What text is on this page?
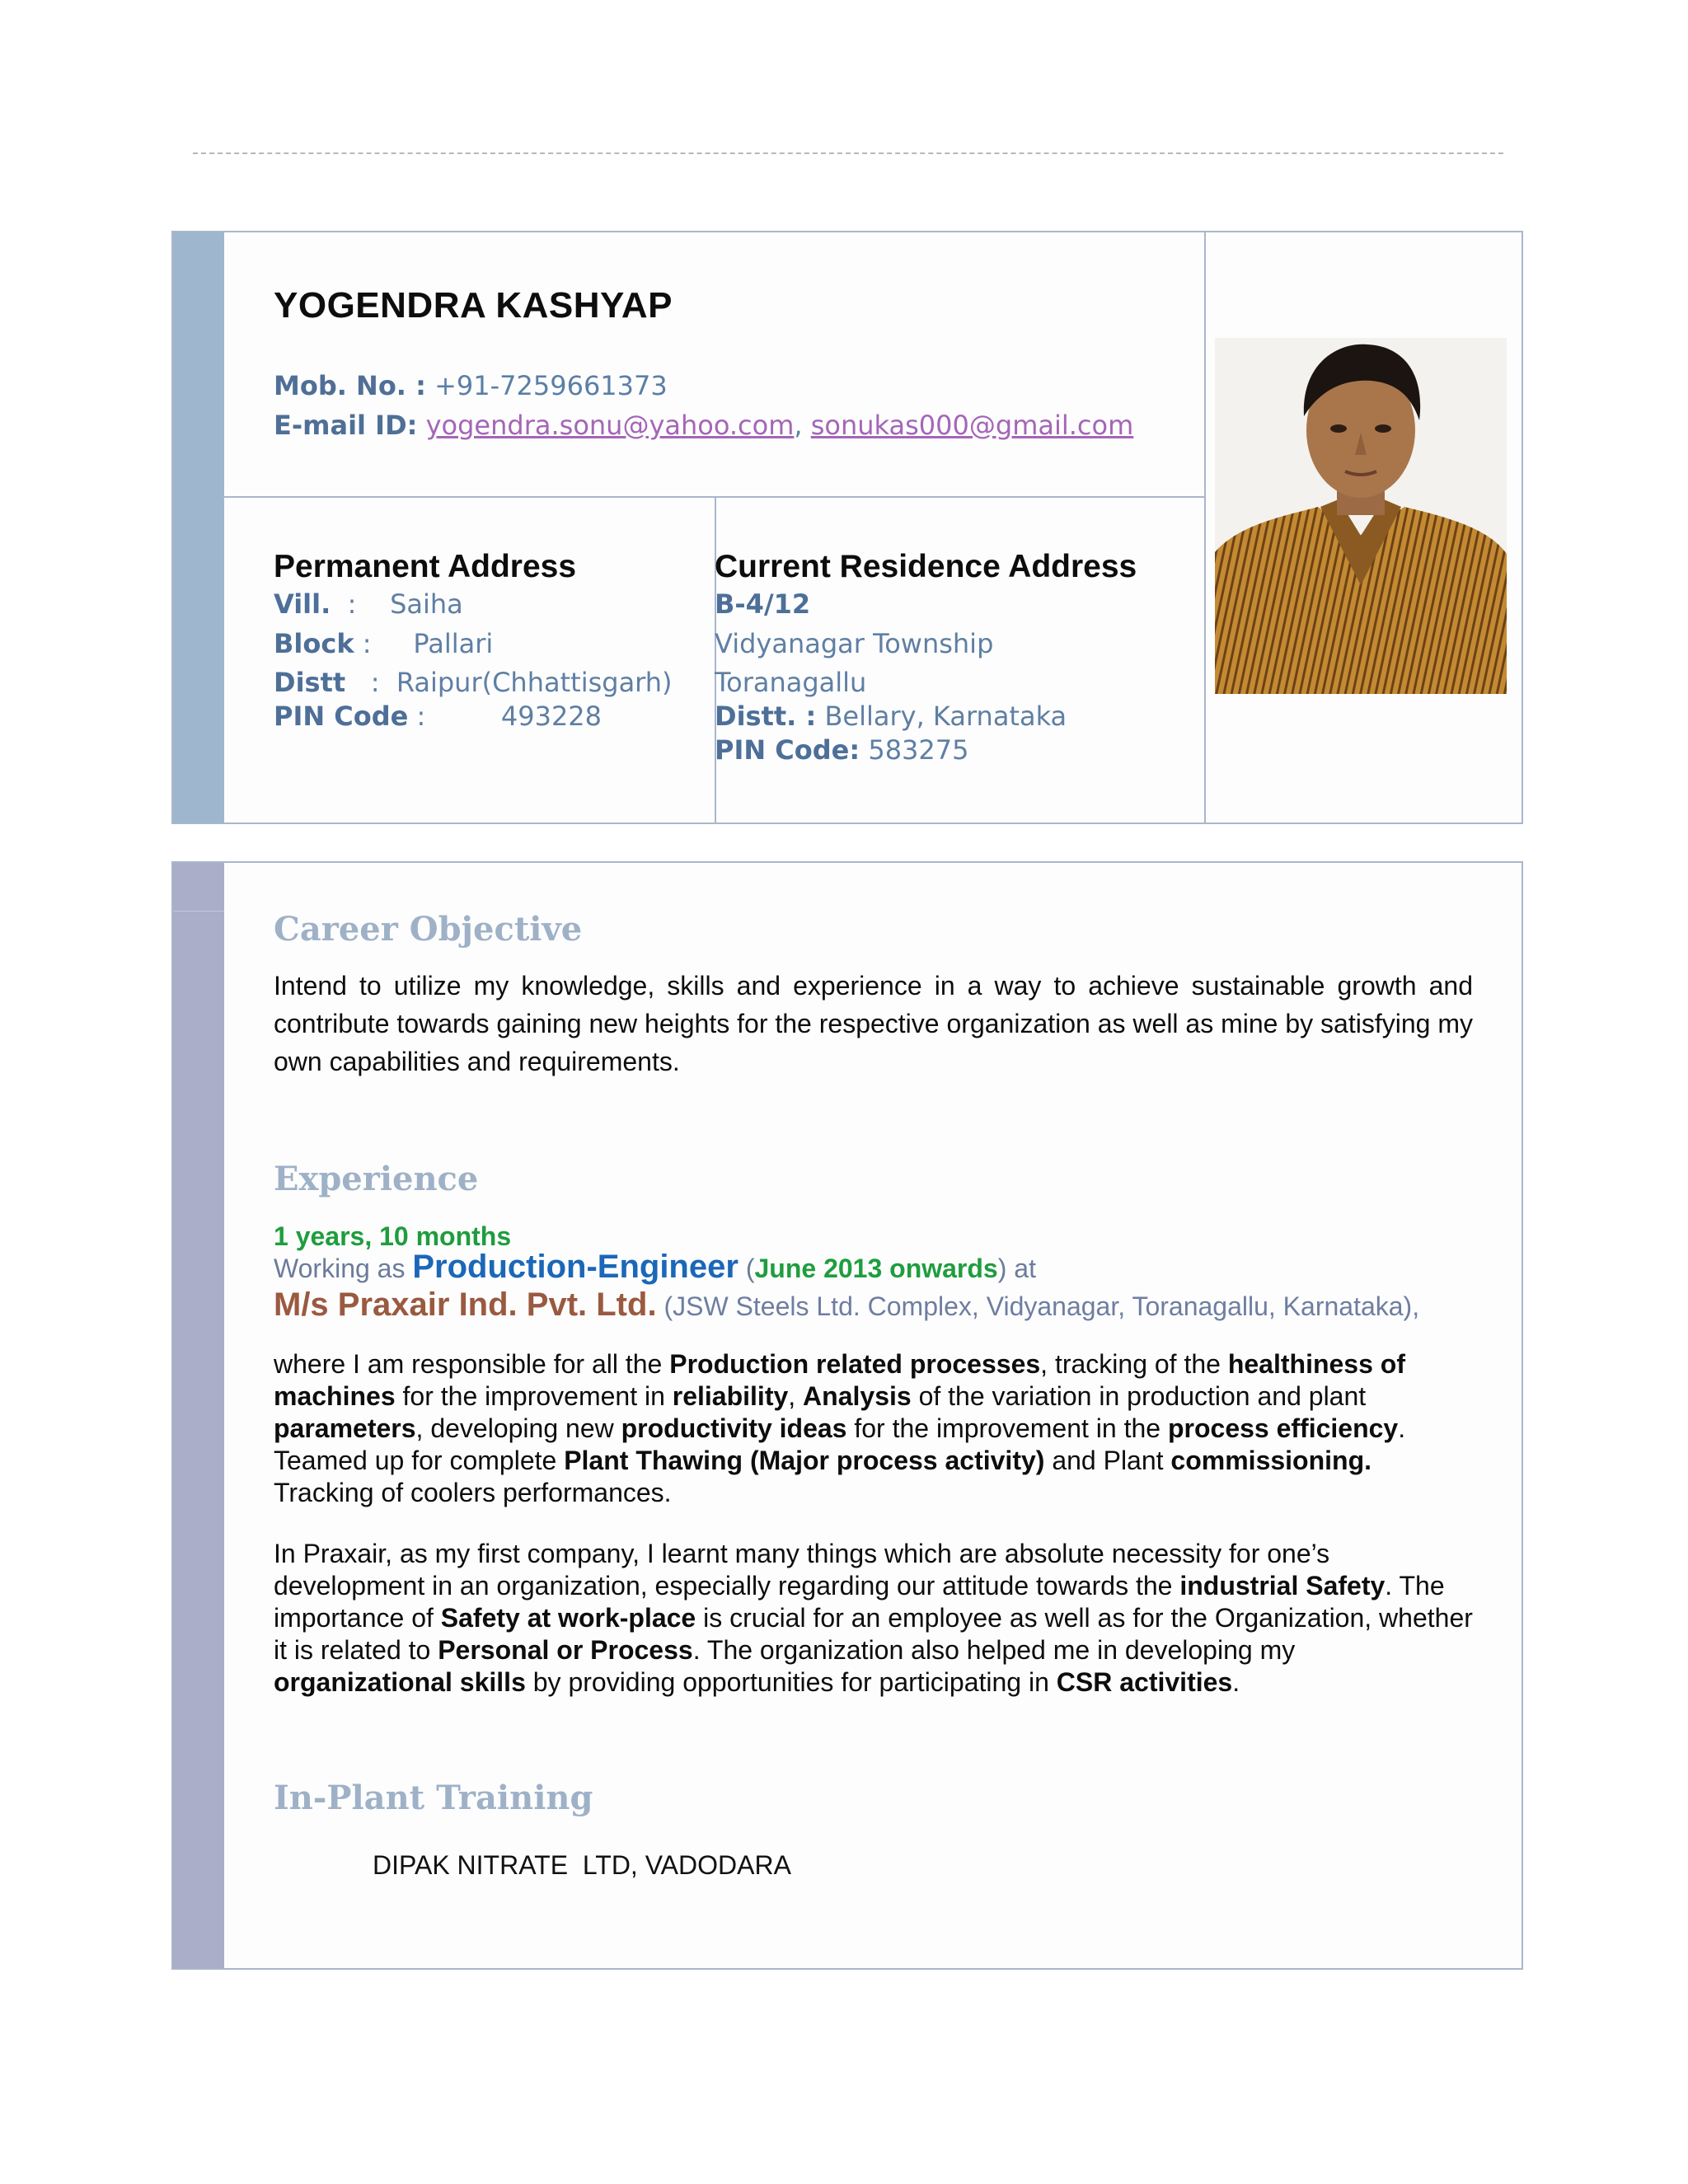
YOGENDRA KASHYAP
Mob. No. : +91-7259661373
E-mail ID: yogendra.sonu@yahoo.com, sonukas000@gmail.com
Permanent Address
Vill.  :    Saiha
Block :     Pallari
Distt   :  Raipur(Chhattisgarh)
PIN Code :         493228
Current Residence Address
B-4/12
Vidyanagar Township
Toranagallu
Distt. : Bellary, Karnataka
PIN Code: 583275
Career Objective

Intend to utilize my knowledge, skills and experience in a way to achieve sustainable growth and contribute towards gaining new heights for the respective organization as well as mine by satisfying my own capabilities and requirements.

Experience
1 years, 10 months
Working as Production-Engineer (June 2013 onwards) at
M/s Praxair Ind. Pvt. Ltd. (JSW Steels Ltd. Complex, Vidyanagar, Toranagallu, Karnataka),

where I am responsible for all the Production related processes, tracking of the healthiness of machines for the improvement in reliability, Analysis of the variation in production and plant parameters, developing new productivity ideas for the improvement in the process efficiency. Teamed up for complete Plant Thawing (Major process activity) and Plant commissioning. Tracking of coolers performances.

In Praxair, as my first company, I learnt many things which are absolute necessity for one’s development in an organization, especially regarding our attitude towards the industrial Safety. The importance of Safety at work-place is crucial for an employee as well as for the Organization, whether it is related to Personal or Process. The organization also helped me in developing my organizational skills by providing opportunities for participating in CSR activities.

In-Plant Training
DIPAK NITRATE  LTD, VADODARA
